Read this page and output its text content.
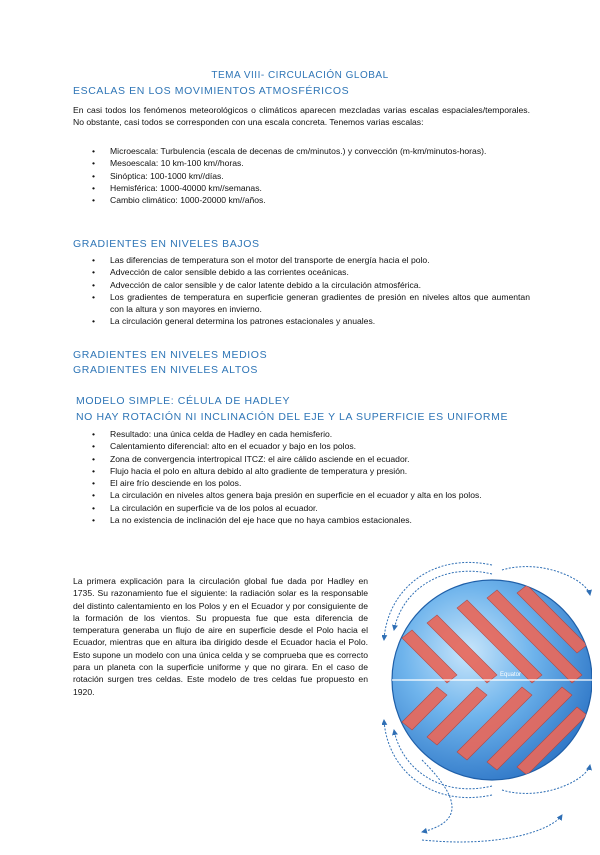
TEMA VIII- CIRCULACIÓN GLOBAL
ESCALAS EN LOS MOVIMIENTOS ATMOSFÉRICOS
En casi todos los fenómenos meteorológicos o climáticos aparecen mezcladas varias escalas espaciales/temporales. No obstante, casi todos se corresponden con una escala concreta. Tenemos varias escalas:
• Microescala: Turbulencia (escala de decenas de cm/minutos.) y convección (m-km/minutos-horas).
• Mesoescala: 10 km-100 km//horas.
• Sinóptica: 100-1000 km//días.
• Hemisférica: 1000-40000 km//semanas.
• Cambio climático: 1000-20000 km//años.
GRADIENTES EN NIVELES BAJOS
• Las diferencias de temperatura son el motor del transporte de energía hacia el polo.
• Advección de calor sensible debido a las corrientes oceánicas.
• Advección de calor sensible y de calor latente debido a la circulación atmosférica.
• Los gradientes de temperatura en superficie generan gradientes de presión en niveles altos que aumentan con la altura y son mayores en invierno.
• La circulación general determina los patrones estacionales y anuales.
GRADIENTES EN NIVELES MEDIOS
GRADIENTES EN NIVELES ALTOS
MODELO SIMPLE: CÉLULA DE HADLEY
NO HAY ROTACIÓN NI INCLINACIÓN DEL EJE Y LA SUPERFICIE ES UNIFORME
• Resultado: una única celda de Hadley en cada hemisferio.
• Calentamiento diferencial: alto en el ecuador y bajo en los polos.
• Zona de convergencia intertropical ITCZ: el aire cálido asciende en el ecuador.
• Flujo hacia el polo en altura debido al alto gradiente de temperatura y presión.
• El aire frío desciende en los polos.
• La circulación en niveles altos genera baja presión en superficie en el ecuador y alta en los polos.
• La circulación en superficie va de los polos al ecuador.
• La no existencia de inclinación del eje hace que no haya cambios estacionales.
La primera explicación para la circulación global fue dada por Hadley en 1735. Su razonamiento fue el siguiente: la radiación solar es la responsable del distinto calentamiento en los Polos y en el Ecuador y por consiguiente de la formación de los vientos. Su propuesta fue que esta diferencia de temperatura generaba un flujo de aire en superficie desde el Polo hacia el Ecuador, mientras que en altura iba dirigido desde el Ecuador hacia el Polo. Esto supone un modelo con una única celda y se comprueba que es correcto para un planeta con la superficie uniforme y que no girara. En el caso de rotación surgen tres celdas. Este modelo de tres celdas fue propuesto en 1920.
Equator
